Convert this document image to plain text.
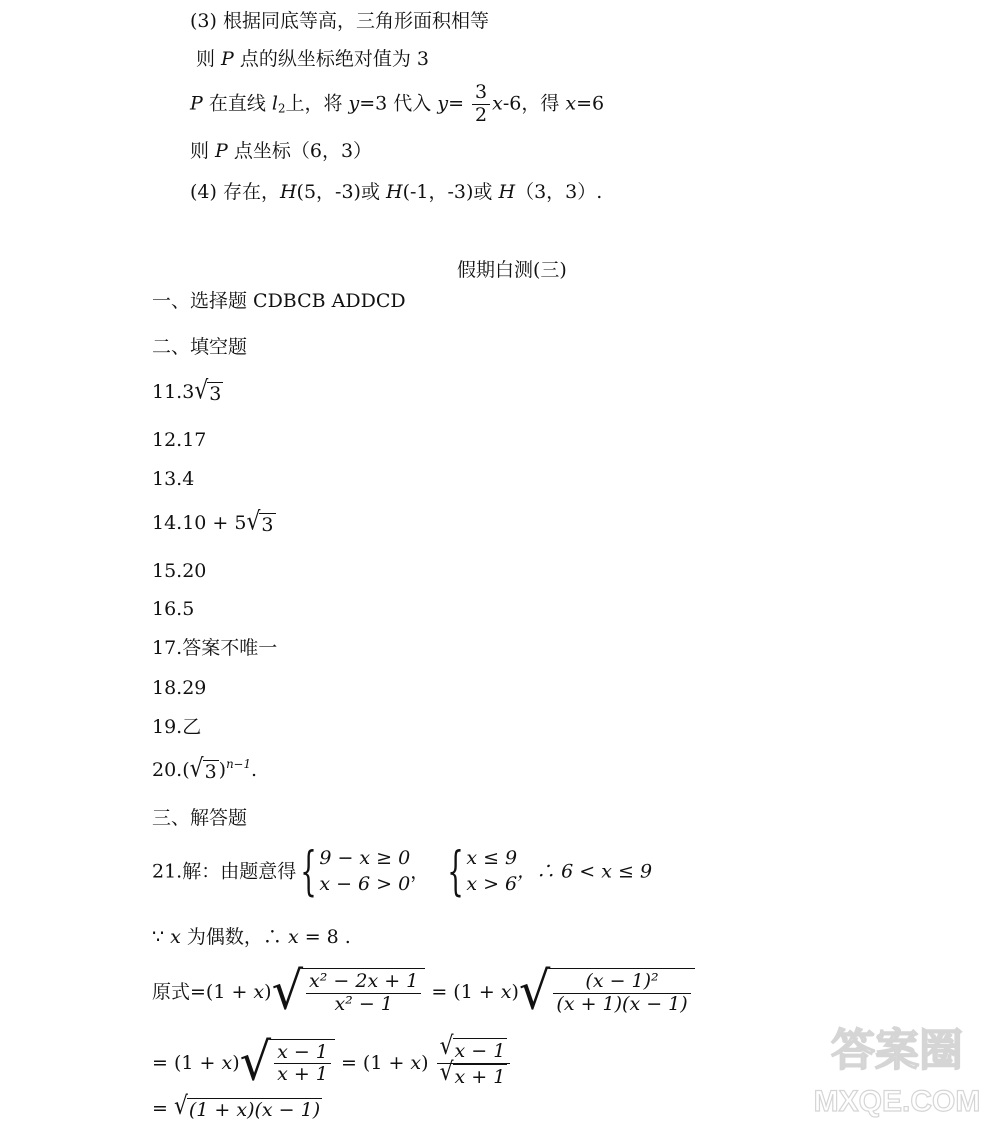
(3) 根据同底等高，三角形面积相等
则 P 点的纵坐标绝对值为 3
P 在直线 $l_2$上，将 y=3 代入 $y= \frac{3}{2} x-6$，得 x=6
则 P 点坐标（6，3）
(4) 存在，H(5，-3)或 H(-1，-3)或 H（3，3）.
假期白测(三)
一、选择题 CDBCB ADDCD
二、填空题
11.3 √ 3
12.17
13.4
14.10 + 5 √ 3
15.20
16.5
17.答案不唯一
18.29
19.乙
20.( √ 3 )$^{n-1}$.
三、解答题
21.解：由题意得{ 9 − x ≥ 0
x − 6 > 0
， { x ≤ 9
x > 6
，∴ 6 < x ≤ 9
∵ x 为偶数，∴ x = 8 .
原式=(1 + x) √ $\frac{\text{x² − 2x + 1}}{\text{x² − 1}} = (1 + x)$ √ $\frac{\text{(x − 1)²}}{(x + 1)(x - 1)}$
= (1 + x) √ $\frac{x - 1}{x + 1} = (1 + x) \frac{√ x - 1}{√ x + 1}$
= √ (1 + x)(x − 1)
答案圈
MXQE.COM
